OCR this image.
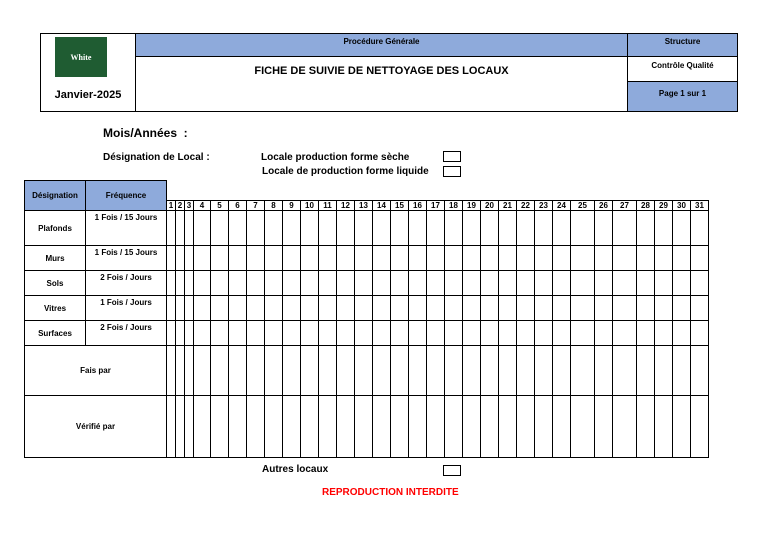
White
Janvier-2025
Procédure Générale
FICHE DE SUIVIE DE NETTOYAGE DES LOCAUX
Structure
Contrôle Qualité
Page 1 sur 1
Mois/Années  :
Désignation de Local :	Locale production forme sèche
Locale de production forme liquide
Désignation	Fréquence																															
		1	2	3	4	5	6	7	8	9	10	11	12	13	14	15	16	17	18	19	20	21	22	23	24	25	26	27	28	29	30	31
Plafonds	1 Fois / 15 Jours																															
Murs	1 Fois / 15 Jours																															
Sols	2 Fois / Jours																															
Vitres	1 Fois / Jours																															
Surfaces	2 Fois / Jours																															
Fais par																																
Vérifié par																																
Autres locaux
REPRODUCTION INTERDITE
